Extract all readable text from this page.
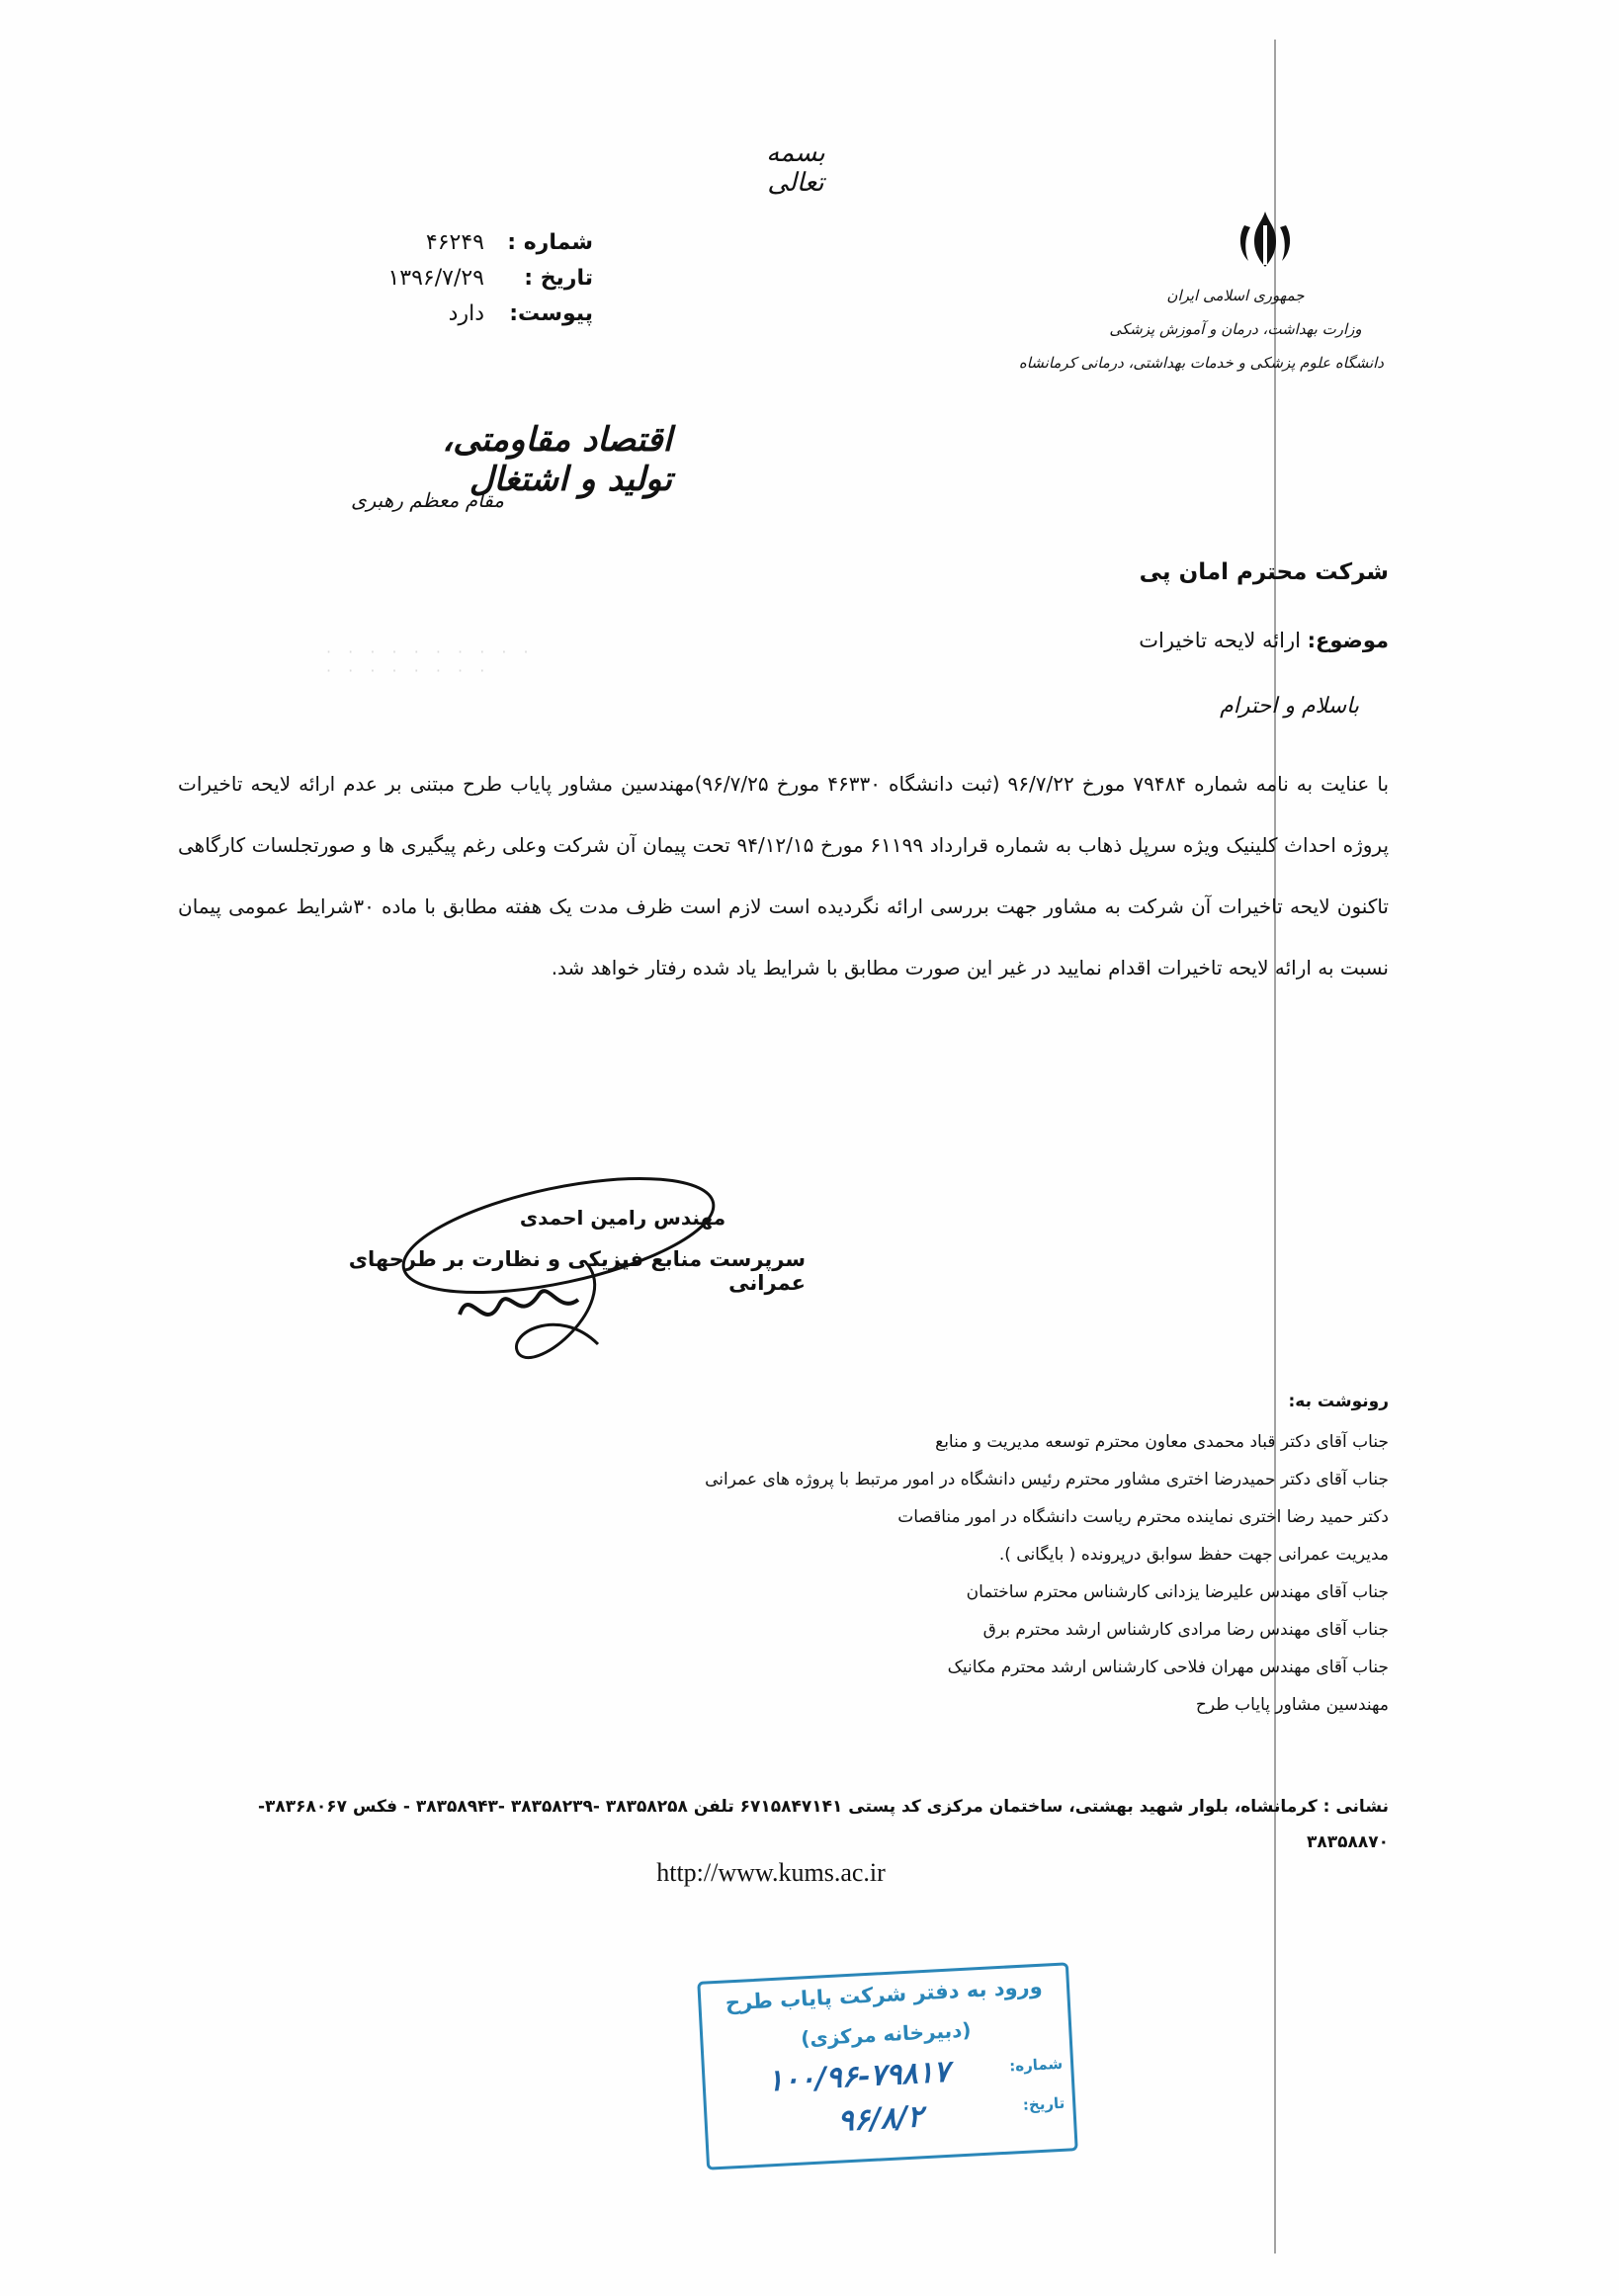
بسمه تعالی
شماره :
۴۶۲۴۹
تاریخ :
۱۳۹۶/۷/۲۹
پیوست:
دارد
جمهوری اسلامی ایران
وزارت بهداشت، درمان و آموزش پزشکی
دانشگاه علوم پزشکی و خدمات بهداشتی، درمانی کرمانشاه
اقتصاد مقاومتی، تولید و اشتغال
مقام معظم رهبری
· · · · · · · · · ·
· · · · · · · ·
شرکت محترم امان پی
موضوع: ارائه لایحه تاخیرات
باسلام و احترام
با عنایت به نامه شماره ۷۹۴۸۴ مورخ ۹۶/۷/۲۲ (ثبت دانشگاه ۴۶۳۳۰ مورخ ۹۶/۷/۲۵)مهندسین مشاور پایاب طرح مبتنی بر عدم ارائه لایحه تاخیرات پروژه احداث کلینیک ویژه سرپل ذهاب به شماره قرارداد ۶۱۱۹۹ مورخ ۹۴/۱۲/۱۵ تحت پیمان آن شرکت وعلی رغم پیگیری ها و صورتجلسات کارگاهی تاکنون لایحه تاخیرات آن شرکت به مشاور جهت بررسی ارائه نگردیده است لازم است ظرف مدت یک هفته مطابق با ماده ۳۰شرایط عمومی پیمان نسبت به ارائه لایحه تاخیرات اقدام نمایید در غیر این صورت مطابق با شرایط یاد شده رفتار خواهد شد.
مهندس رامین احمدی
سرپرست منابع فیزیکی و نظارت بر طرحهای عمرانی
رونوشت به:
جناب آقای دکتر قباد محمدی معاون محترم توسعه مدیریت و منابع
جناب آقای دکتر حمیدرضا اختری مشاور محترم رئیس دانشگاه در امور مرتبط با پروژه های عمرانی
دکتر حمید رضا اختری نماینده محترم ریاست دانشگاه در امور مناقصات
مدیریت عمرانی جهت حفظ سوابق درپرونده ( بایگانی ).
جناب آقای مهندس علیرضا یزدانی کارشناس محترم ساختمان
جناب آقای مهندس رضا مرادی کارشناس ارشد محترم برق
جناب آقای مهندس مهران فلاحی کارشناس ارشد محترم مکانیک
مهندسین مشاور پایاب طرح
نشانی : کرمانشاه، بلوار شهید بهشتی، ساختمان مرکزی کد پستی ۶۷۱۵۸۴۷۱۴۱ تلفن ۳۸۳۵۸۲۵۸ -۳۸۳۵۸۲۳۹ -۳۸۳۵۸۹۴۳ - فکس ۳۸۳۶۸۰۶۷-
۳۸۳۵۸۸۷۰
http://www.kums.ac.ir
ورود به دفتر شرکت پایاب طرح
(دبیرخانه مرکزی)
شماره:
۱۰۰/۹۶-۷۹۸۱۷
تاریخ:
۹۶/۸/۲
